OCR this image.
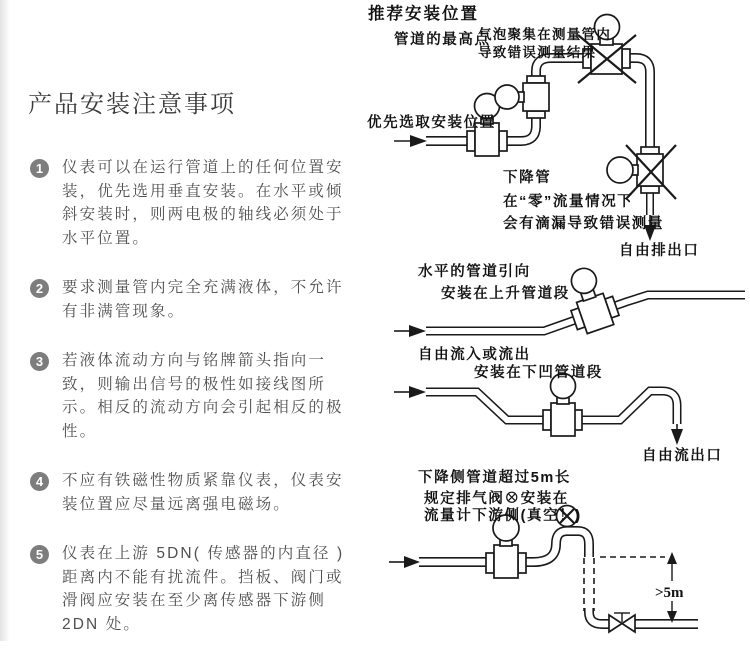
产品安装注意事项
1	仪表可以在运行管道上的任何位置安装，优先选用垂直安装。在水平或倾斜安装时，则两电极的轴线必须处于水平位置。

2	要求测量管内完全充满液体，不允许有非满管现象。

3	若液体流动方向与铭牌箭头指向一致，则输出信号的极性如接线图所示。相反的流动方向会引起相反的极性。

4	不应有铁磁性物质紧靠仪表，仪表安装位置应尽量远离强电磁场。

5	仪表在上游 5DN( 传感器的内直径 ) 距离内不能有扰流件。挡板、阀门或滑阀应安装在至少离传感器下游侧 2DN 处。

推荐安装位置
管道的最高点
气泡聚集在测量管内
导致错误测量结果
优先选取安装位置
下降管
在“零”流量情况下
会有滴漏导致错误测量
自由排出口
水平的管道引向
安装在上升管道段
自由流入或流出
安装在下凹管道段
自由流出口
>5m
下降侧管道超过5m长
规定排气阀⊗安装在
流量计下游侧(真空！)
